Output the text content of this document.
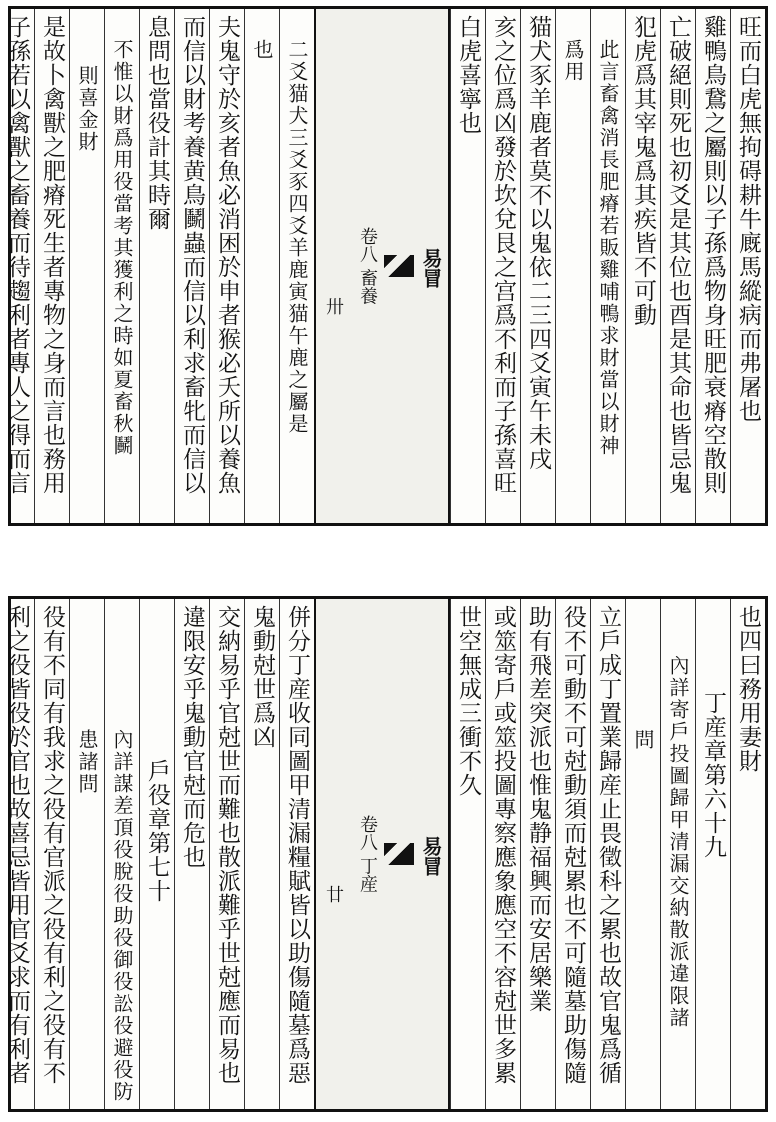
旺而白虎無拘碍耕牛廐馬縱病而弗屠也
雞鴨鳥鵞之屬則以子孫爲物身旺肥衰瘠空散則
亡破絕則死也初爻是其位也酉是其命也皆忌鬼
犯虎爲其宰鬼爲其疾皆不可動
此言畜禽消長肥瘠若販雞哺鴨求財當以財神
爲用
猫犬豕羊鹿者莫不以鬼依二三四爻寅午未戌
亥之位爲凶發於坎兌艮之宫爲不利而子孫喜旺
白虎喜寧也
易冒
卷八 畜養
卅
二爻猫犬三爻豕四爻羊鹿寅猫午鹿之屬是
也
夫鬼守於亥者魚必消困於申者猴必夭所以養魚
而信以財考養黄鳥鬭蟲而信以利求畜牝而信以
息問也當役計其時爾
不惟以財爲用役當考其獲利之時如夏畜秋鬭
則喜金財
是故卜禽獸之肥瘠死生者專物之身而言也務用
子孫若以禽獸之畜養而待趨利者專人之得而言
也四曰務用妻財
丁産章第六十九
內詳寄戶投圖歸甲清漏交納散派違限諸
問
立戶成丁置業歸産止畏徵科之累也故官鬼爲循
役不可動不可尅動須而尅累也不可隨墓助傷隨
助有飛差突派也惟鬼静福興而安居樂業
或筮寄戶或筮投圖專察應象應空不容尅世多累
世空無成三衝不久
易冒
卷八 丁産
廿
併分丁産收同圖甲清漏糧賦皆以助傷隨墓爲惡
鬼動尅世爲凶
交納易乎官尅世而難也散派難乎世尅應而易也
違限安乎鬼動官尅而危也
戶役章第七十
內詳謀差頂役脫役助役御役訟役避役防
患諸問
役有不同有我求之役有官派之役有利之役有不
利之役皆役於官也故喜忌皆用官爻求而有利者
